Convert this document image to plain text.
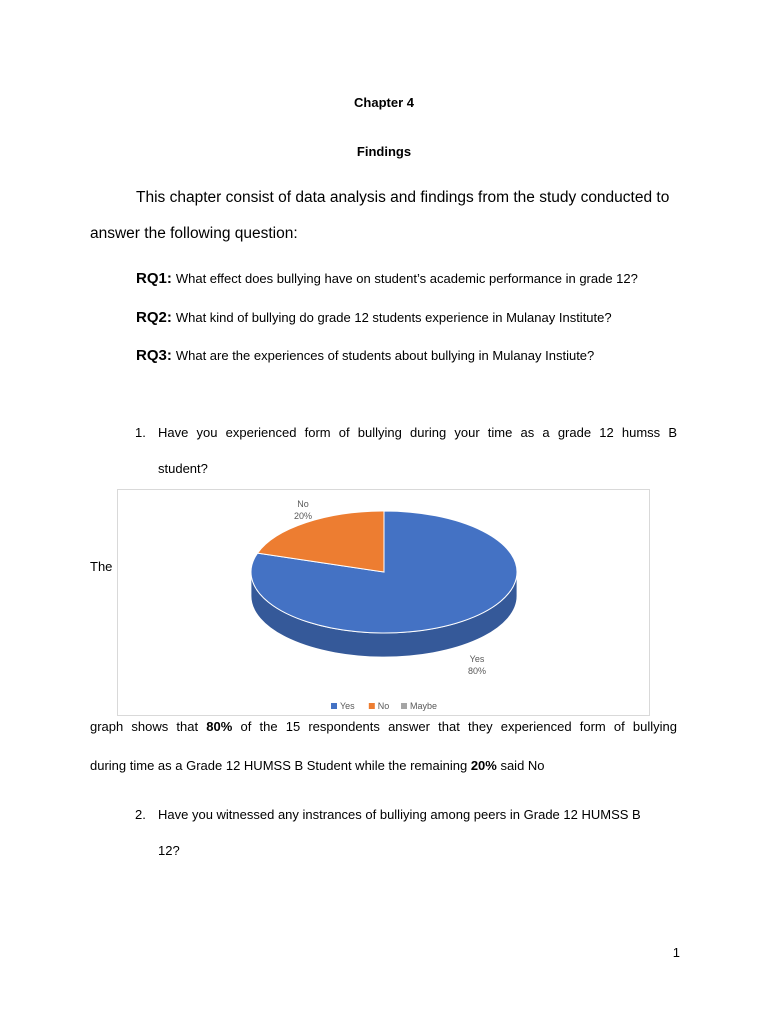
Chapter 4
Findings
This chapter consist of data analysis and findings from the study conducted to
answer the following question:
RQ1: What effect does bullying have on student’s academic performance in grade 12?
RQ2: What kind of bullying do grade 12 students experience in Mulanay Institute?
RQ3: What are the experiences of students about bullying in Mulanay Instiute?
1. Have you experienced form of bullying during your time as a grade 12 humss B
student?
The
Yes
80%
No
20%
Yes	No Maybe
graph shows that 80% of the 15 respondents answer that they experienced form of bullying
during time as a Grade 12 HUMSS B Student while the remaining 20% said No
2. Have you witnessed any instrances of bulliying among peers in Grade 12 HUMSS B
12?
1
